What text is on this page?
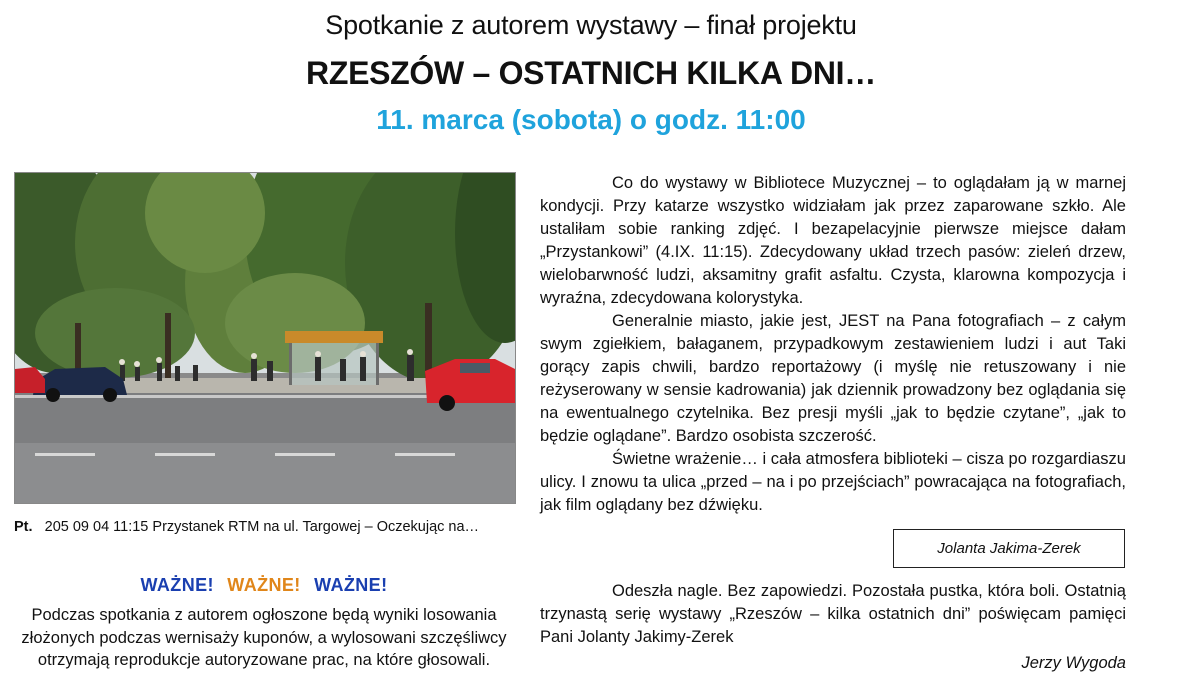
Spotkanie z autorem wystawy – finał projektu
RZESZÓW – OSTATNICH KILKA DNI…
11. marca (sobota) o godz. 11:00
Pt. 205 09 04 11:15 Przystanek RTM na ul. Targowej – Oczekując na…
WAŻNE! WAŻNE! WAŻNE!
Podczas spotkania z autorem ogłoszone będą wyniki losowania złożonych podczas wernisaży kuponów, a wylosowani szczęśliwcy otrzymają reprodukcje autoryzowane prac, na które głosowali.

Co do wystawy w Bibliotece Muzycznej – to oglądałam ją w marnej kondycji. Przy katarze wszystko widziałam jak przez zaparowane szkło. Ale ustaliłam sobie ranking zdjęć. I bezapelacyjnie pierwsze miejsce dałam „Przystankowi” (4.IX. 11:15). Zdecydowany układ trzech pasów: zieleń drzew, wielobarwność ludzi, aksamitny grafit asfaltu. Czysta, klarowna kompozycja i wyraźna, zdecydowana kolorystyka.

Generalnie miasto, jakie jest, JEST na Pana fotografiach – z całym swym zgiełkiem, bałaganem, przypadkowym zestawieniem ludzi i aut Taki gorący zapis chwili, bardzo reportażowy (i myślę nie retuszowany i nie reżyserowany w sensie kadrowania) jak dziennik prowadzony bez oglądania się na ewentualnego czytelnika. Bez presji myśli „jak to będzie czytane”, „jak to będzie oglądane”. Bardzo osobista szczerość.

Świetne wrażenie… i cała atmosfera biblioteki – cisza po rozgardiaszu ulicy. I znowu ta ulica „przed – na i po przejściach” powracająca na fotografiach, jak film oglądany bez dźwięku.

Jolanta Jakima-Zerek

Odeszła nagle. Bez zapowiedzi. Pozostała pustka, która boli. Ostatnią trzynastą serię wystawy „Rzeszów – kilka ostatnich dni” poświęcam pamięci Pani Jolanty Jakimy-Zerek

Jerzy Wygoda
